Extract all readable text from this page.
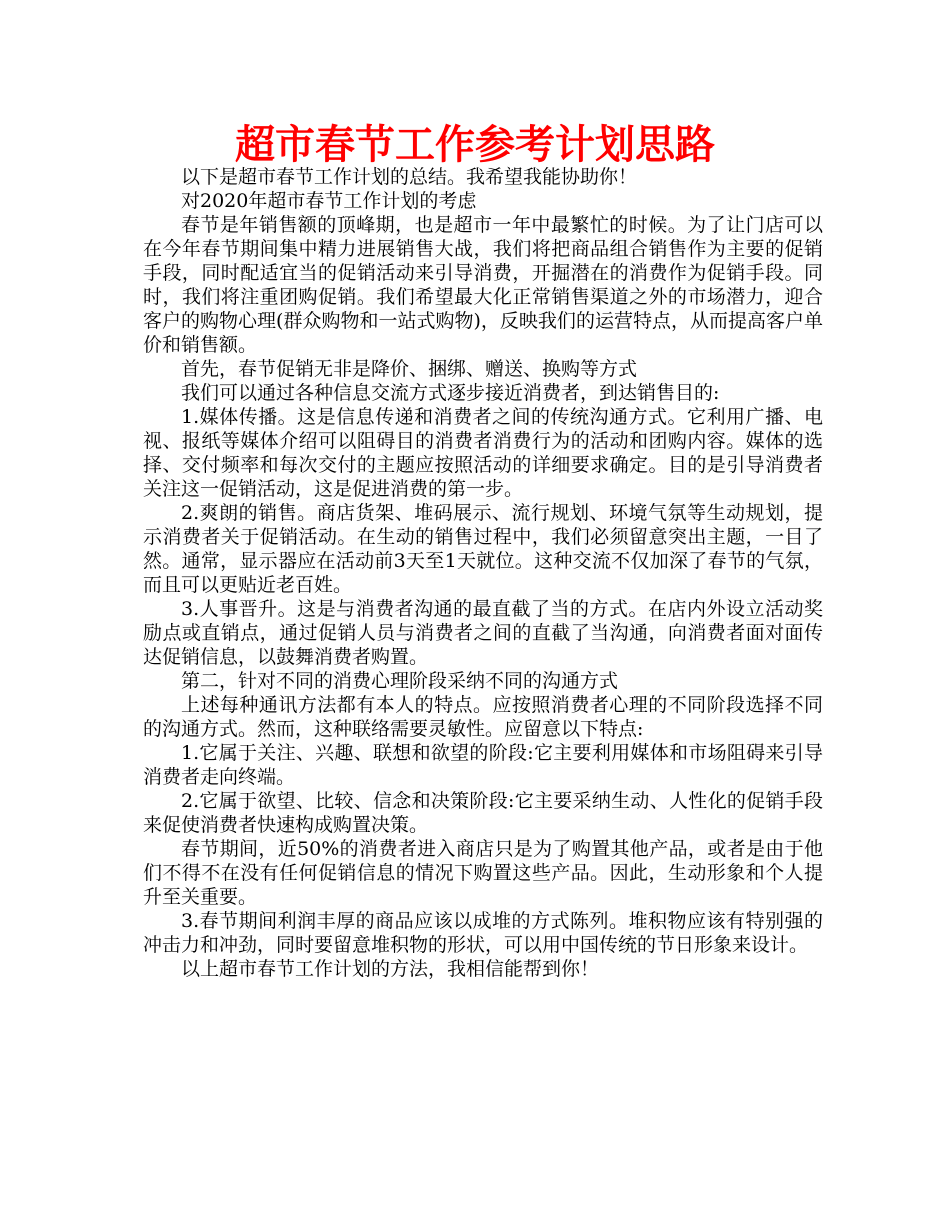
超市春节工作参考计划思路

以下是超市春节工作计划的总结。我希望我能协助你！

对2020年超市春节工作计划的考虑

春节是年销售额的顶峰期，也是超市一年中最繁忙的时候。为了让门店可以在今年春节期间集中精力进展销售大战，我们将把商品组合销售作为主要的促销手段，同时配适宜当的促销活动来引导消费，开掘潜在的消费作为促销手段。同时，我们将注重团购促销。我们希望最大化正常销售渠道之外的市场潜力，迎合客户的购物心理(群众购物和一站式购物)，反映我们的运营特点，从而提高客户单价和销售额。

首先，春节促销无非是降价、捆绑、赠送、换购等方式

我们可以通过各种信息交流方式逐步接近消费者，到达销售目的:

1.媒体传播。这是信息传递和消费者之间的传统沟通方式。它利用广播、电视、报纸等媒体介绍可以阻碍目的消费者消费行为的活动和团购内容。媒体的选择、交付频率和每次交付的主题应按照活动的详细要求确定。目的是引导消费者关注这一促销活动，这是促进消费的第一步。

2.爽朗的销售。商店货架、堆码展示、流行规划、环境气氛等生动规划，提示消费者关于促销活动。在生动的销售过程中，我们必须留意突出主题，一目了然。通常，显示器应在活动前3天至1天就位。这种交流不仅加深了春节的气氛，而且可以更贴近老百姓。

3.人事晋升。这是与消费者沟通的最直截了当的方式。在店内外设立活动奖励点或直销点，通过促销人员与消费者之间的直截了当沟通，向消费者面对面传达促销信息，以鼓舞消费者购置。

第二，针对不同的消费心理阶段采纳不同的沟通方式

上述每种通讯方法都有本人的特点。应按照消费者心理的不同阶段选择不同的沟通方式。然而，这种联络需要灵敏性。应留意以下特点:

1.它属于关注、兴趣、联想和欲望的阶段:它主要利用媒体和市场阻碍来引导消费者走向终端。

2.它属于欲望、比较、信念和决策阶段:它主要采纳生动、人性化的促销手段来促使消费者快速构成购置决策。

春节期间，近50%的消费者进入商店只是为了购置其他产品，或者是由于他们不得不在没有任何促销信息的情况下购置这些产品。因此，生动形象和个人提升至关重要。

3.春节期间利润丰厚的商品应该以成堆的方式陈列。堆积物应该有特别强的冲击力和冲劲，同时要留意堆积物的形状，可以用中国传统的节日形象来设计。

以上超市春节工作计划的方法，我相信能帮到你！
